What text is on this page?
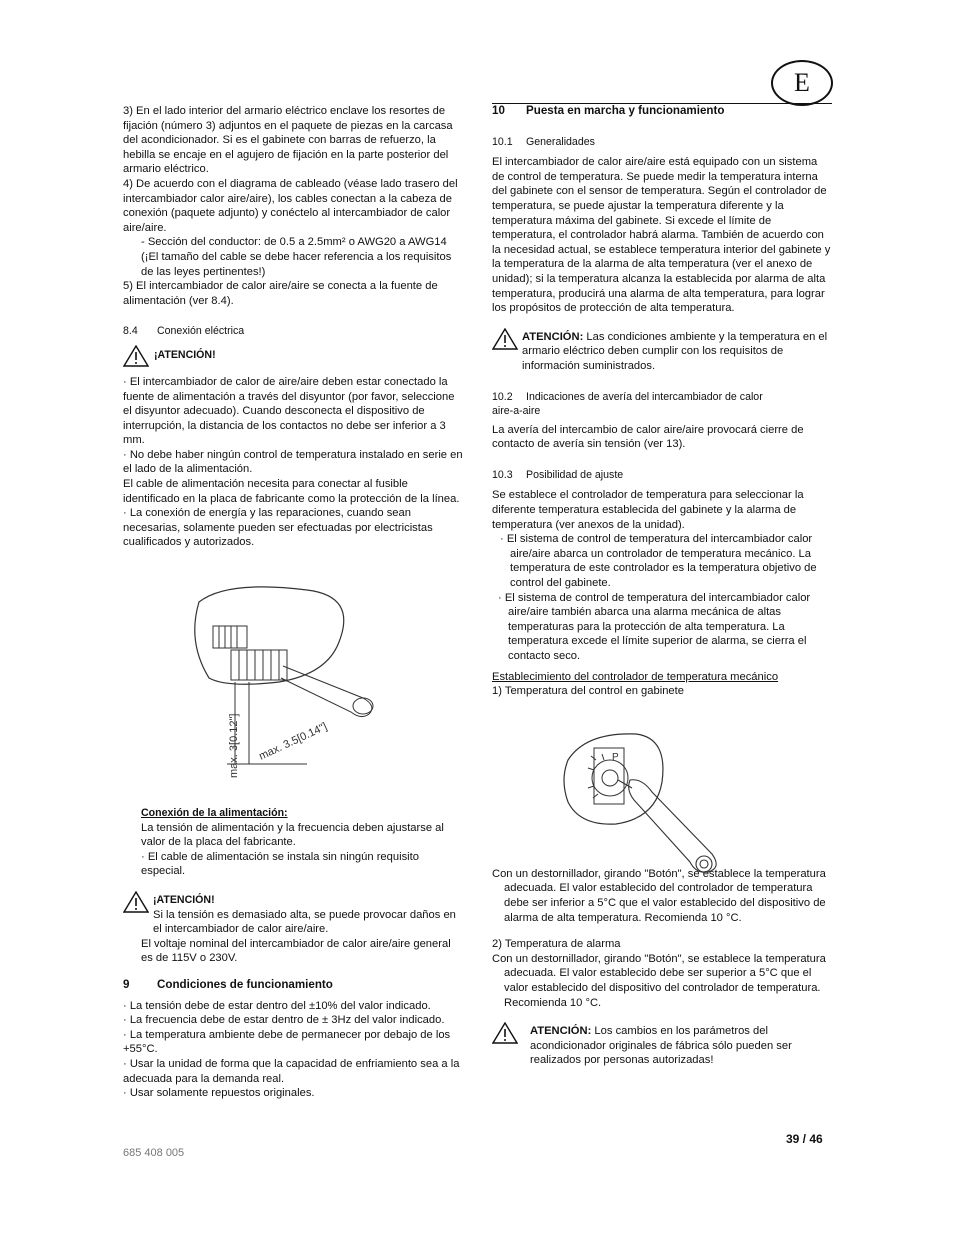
E

3) En el lado interior del armario eléctrico enclave los resortes de fijación (número 3) adjuntos en el paquete de piezas en la carcasa del acondicionador. Si es el gabinete con barras de refuerzo, la hebilla se encaje en el agujero de fijación en la parte posterior del armario eléctrico.

4) De acuerdo con el diagrama de cableado (véase lado trasero del intercambiador calor aire/aire), los cables conectan a la cabeza de conexión (paquete adjunto) y conéctelo al intercambiador de calor aire/aire.

- Sección del conductor: de 0.5 a 2.5mm² o AWG20 a AWG14 (¡El tamaño del cable se debe hacer referencia a los requisitos de las leyes pertinentes!)

5) El intercambiador de calor aire/aire se conecta a la fuente de alimentación (ver 8.4).

8.4 Conexión eléctrica

¡ATENCIÓN!

· El intercambiador de calor de aire/aire deben estar conectado la fuente de alimentación a través del disyuntor (por favor, seleccione el disyuntor adecuado). Cuando desconecta el dispositivo de interrupción, la distancia de los contactos no debe ser inferior a 3 mm.

· No debe haber ningún control de temperatura instalado en serie en el lado de la alimentación.

El cable de alimentación necesita para conectar al fusible identificado en la placa de fabricante como la protección de la línea.

· La conexión de energía y las reparaciones, cuando sean necesarias, solamente pueden ser efectuadas por electricistas cualificados y autorizados.

max. 3[0.12"] max. 3.5[0.14"]

Conexión de la alimentación:

La tensión de alimentación y la frecuencia deben ajustarse al valor de la placa del fabricante.

· El cable de alimentación se instala sin ningún requisito especial.

¡ATENCIÓN!

Si la tensión es demasiado alta, se puede provocar daños en el intercambiador de calor aire/aire.

El voltaje nominal del intercambiador de calor aire/aire general es de 115V o 230V.

9 Condiciones de funcionamiento

· La tensión debe de estar dentro del ±10% del valor indicado.

· La frecuencia debe de estar dentro de ± 3Hz del valor indicado.

· La temperatura ambiente debe de permanecer por debajo de los +55°C.

· Usar la unidad de forma que la capacidad de enfriamiento sea a la adecuada para la demanda real.

· Usar solamente repuestos originales.

10 Puesta en marcha y funcionamiento

10.1 Generalidades

El intercambiador de calor aire/aire está equipado con un sistema de control de temperatura. Se puede medir la temperatura interna del gabinete con el sensor de temperatura. Según el controlador de temperatura, se puede ajustar la temperatura diferente y la temperatura máxima del gabinete. Si excede el límite de temperatura, el controlador habrá alarma. También de acuerdo con la necesidad actual, se establece temperatura interior del gabinete y la temperatura de la alarma de alta temperatura (ver el anexo de unidad); si la temperatura alcanza la establecida por alarma de alta temperatura, producirá una alarma de alta temperatura, para lograr los propósitos de protección de alta temperatura.

ATENCIÓN: Las condiciones ambiente y la temperatura en el armario eléctrico deben cumplir con los requisitos de información suministrados.

10.2 Indicaciones de avería del intercambiador de calor

aire-a-aire

La avería del intercambio de calor aire/aire provocará cierre de contacto de avería sin tensión (ver 13).

10.3 Posibilidad de ajuste

Se establece el controlador de temperatura para seleccionar la diferente temperatura establecida del gabinete y la alarma de temperatura (ver anexos de la unidad).

· El sistema de control de temperatura del intercambiador calor aire/aire abarca un controlador de temperatura mecánico. La temperatura de este controlador es la temperatura objetivo de control del gabinete.

· El sistema de control de temperatura del intercambiador calor aire/aire también abarca una alarma mecánica de altas temperaturas para la protección de alta temperatura. La temperatura excede el límite superior de alarma, se cierra el contacto seco.

Establecimiento del controlador de temperatura mecánico

1) Temperatura del control en gabinete

P

Con un destornillador, girando "Botón", se establece la temperatura adecuada. El valor establecido del controlador de temperatura debe ser inferior a 5°C que el valor establecido del dispositivo de alarma de alta temperatura. Recomienda 10 °C.

2) Temperatura de alarma

Con un destornillador, girando "Botón", se establece la temperatura adecuada. El valor establecido debe ser superior a 5°C que el valor establecido del dispositivo del controlador de temperatura. Recomienda 10 °C.

ATENCIÓN: Los cambios en los parámetros del acondicionador originales de fábrica sólo pueden ser realizados por personas autorizadas!

39 / 46
685 408 005
